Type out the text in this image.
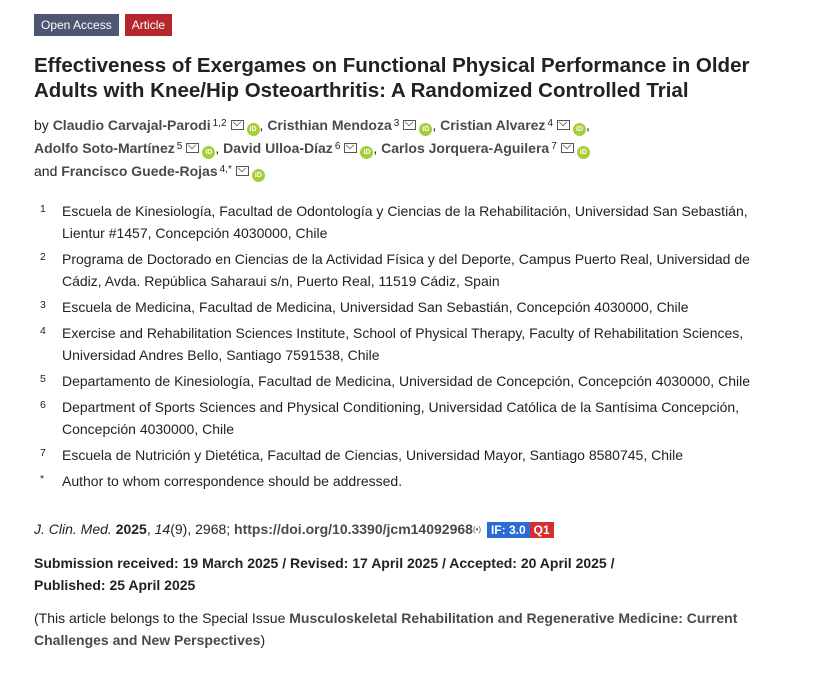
Open Access	Article
Effectiveness of Exergames on Functional Physical Performance in Older Adults with Knee/Hip Osteoarthritis: A Randomized Controlled Trial
by Claudio Carvajal-Parodi $^{1,2}$iD , Cristhian Mendoza $^3$iD , Cristian Alvarez $^4$iD ,
Adolfo Soto-Martínez $^5$iD , David Ulloa-Díaz $^6$iD , Carlos Jorquera-Aguilera $^7$iD
and Francisco Guede-Rojas $^{4,*}$iD
1	Escuela de Kinesiología, Facultad de Odontología y Ciencias de la Rehabilitación, Universidad San Sebastián, Lientur #1457, Concepción 4030000, Chile
2	Programa de Doctorado en Ciencias de la Actividad Física y del Deporte, Campus Puerto Real, Universidad de Cádiz, Avda. República Saharaui s/n, Puerto Real, 11519 Cádiz, Spain
3	Escuela de Medicina, Facultad de Medicina, Universidad San Sebastián, Concepción 4030000, Chile
4	Exercise and Rehabilitation Sciences Institute, School of Physical Therapy, Faculty of Rehabilitation Sciences, Universidad Andres Bello, Santiago 7591538, Chile
5	Departamento de Kinesiología, Facultad de Medicina, Universidad de Concepción, Concepción 4030000, Chile
6	Department of Sports Sciences and Physical Conditioning, Universidad Católica de la Santísima Concepción, Concepción 4030000, Chile
7	Escuela de Nutrición y Dietética, Facultad de Ciencias, Universidad Mayor, Santiago 8580745, Chile
*	Author to whom correspondence should be addressed.
J. Clin. Med. 2025, 14(9), 2968; https://doi.org/10.3390/jcm14092968(•) IF: 3.0 Q1
Submission received: 19 March 2025 / Revised: 17 April 2025 / Accepted: 20 April 2025 /
Published: 25 April 2025
(This article belongs to the Special Issue Musculoskeletal Rehabilitation and Regenerative Medicine: Current Challenges and New Perspectives)
